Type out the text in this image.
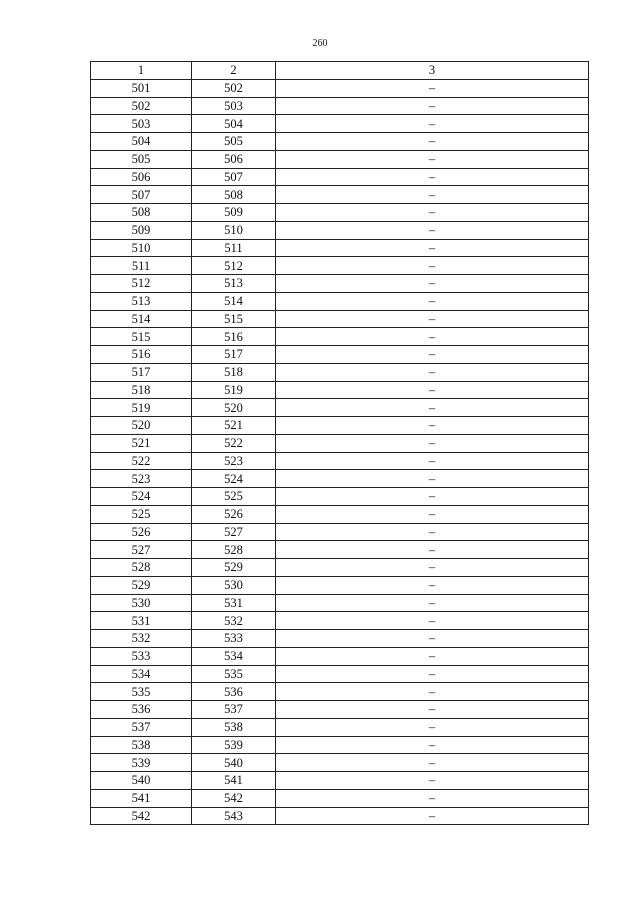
260
1	2	3
501	502	–
502	503	–
503	504	–
504	505	–
505	506	–
506	507	–
507	508	–
508	509	–
509	510	–
510	511	–
511	512	–
512	513	–
513	514	–
514	515	–
515	516	–
516	517	–
517	518	–
518	519	–
519	520	–
520	521	–
521	522	–
522	523	–
523	524	–
524	525	–
525	526	–
526	527	–
527	528	–
528	529	–
529	530	–
530	531	–
531	532	–
532	533	–
533	534	–
534	535	–
535	536	–
536	537	–
537	538	–
538	539	–
539	540	–
540	541	–
541	542	–
542	543	–
